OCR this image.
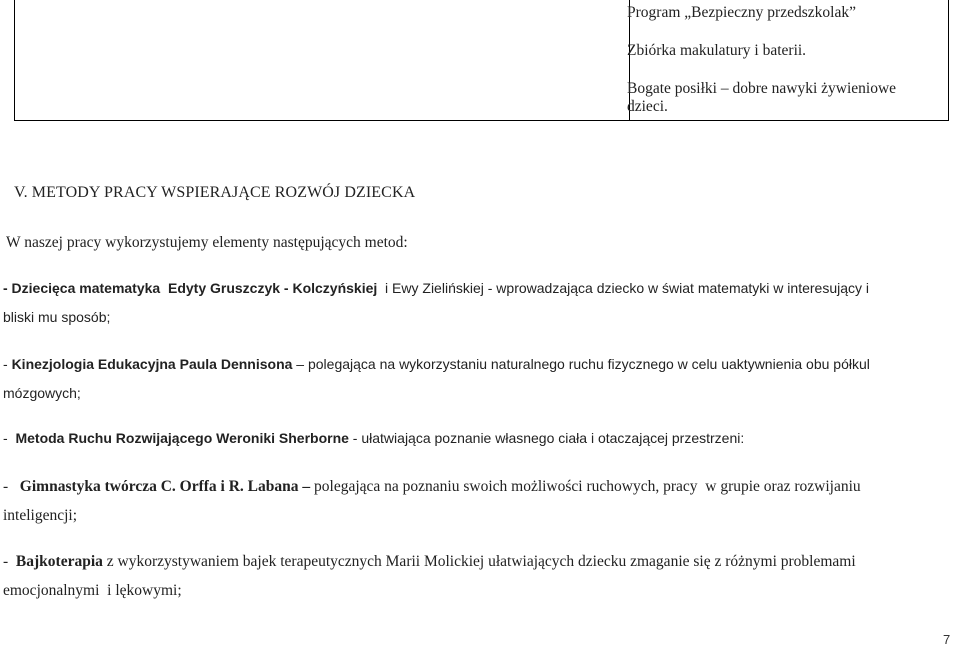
Program „Bezpieczny przedszkolak”
Zbiórka makulatury i baterii.
Bogate posiłki – dobre nawyki żywieniowe
dzieci.
V. METODY PRACY WSPIERAJĄCE ROZWÓJ DZIECKA
W naszej pracy wykorzystujemy elementy następujących metod:
- Dziecięca matematyka  Edyty Gruszczyk - Kolczyńskiej  i Ewy Zielińskiej - wprowadzająca dziecko w świat matematyki w interesujący i
bliski mu sposób;
- Kinezjologia Edukacyjna Paula Dennisona – polegająca na wykorzystaniu naturalnego ruchu fizycznego w celu uaktywnienia obu półkul
mózgowych;
-  Metoda Ruchu Rozwijającego Weroniki Sherborne - ułatwiająca poznanie własnego ciała i otaczającej przestrzeni:
-   Gimnastyka twórcza C. Orffa i R. Labana – polegająca na poznaniu swoich możliwości ruchowych, pracy  w grupie oraz rozwijaniu
inteligencji;
-  Bajkoterapia z wykorzystywaniem bajek terapeutycznych Marii Molickiej ułatwiających dziecku zmaganie się z różnymi problemami
emocjonalnymi  i lękowymi;
7
